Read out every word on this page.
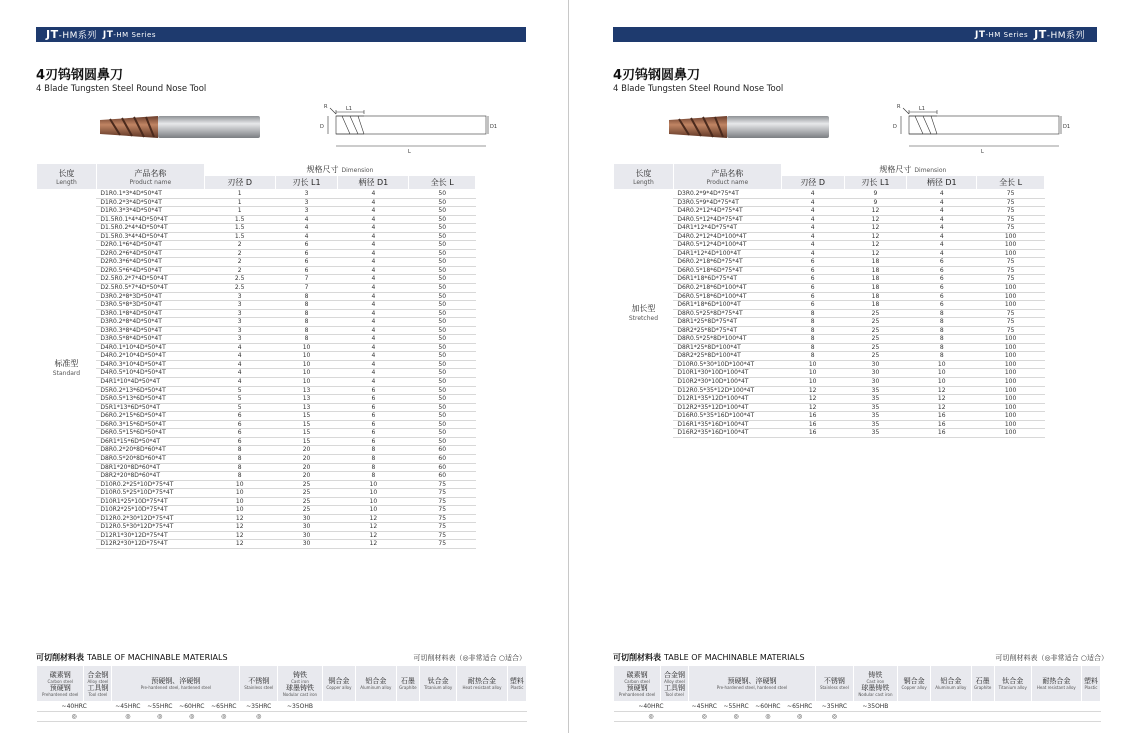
JT -HM系列 JT-HM Series
4刃钨钢圆鼻刀
4 Blade Tungsten Steel Round Nose Tool
R	L1
D	D1
L
长度
Length	产品名称
Product name	规格尺寸 Dimension				
		刃径 D	刃长 L1	柄径 D1	全长 L	
标准型
Standard	D1R0.1*3*4D*50*4T	1	3	4	50	
	D1R0.2*3*4D*50*4T	1	3	4	50	
	D1R0.3*3*4D*50*4T	1	3	4	50	
	D1.5R0.1*4*4D*50*4T	1.5	4	4	50	
	D1.5R0.2*4*4D*50*4T	1.5	4	4	50	
	D1.5R0.3*4*4D*50*4T	1.5	4	4	50	
	D2R0.1*6*4D*50*4T	2	6	4	50	
	D2R0.2*6*4D*50*4T	2	6	4	50	
	D2R0.3*6*4D*50*4T	2	6	4	50	
	D2R0.5*6*4D*50*4T	2	6	4	50	
	D2.5R0.2*7*4D*50*4T	2.5	7	4	50	
	D2.5R0.5*7*4D*50*4T	2.5	7	4	50	
	D3R0.2*8*3D*50*4T	3	8	4	50	
	D3R0.5*8*3D*50*4T	3	8	4	50	
	D3R0.1*8*4D*50*4T	3	8	4	50	
	D3R0.2*8*4D*50*4T	3	8	4	50	
	D3R0.3*8*4D*50*4T	3	8	4	50	
	D3R0.5*8*4D*50*4T	3	8	4	50	
	D4R0.1*10*4D*50*4T	4	10	4	50	
	D4R0.2*10*4D*50*4T	4	10	4	50	
	D4R0.3*10*4D*50*4T	4	10	4	50	
	D4R0.5*10*4D*50*4T	4	10	4	50	
	D4R1*10*4D*50*4T	4	10	4	50	
	D5R0.2*13*6D*50*4T	5	13	6	50	
	D5R0.5*13*6D*50*4T	5	13	6	50	
	D5R1*13*6D*50*4T	5	13	6	50	
	D6R0.2*15*6D*50*4T	6	15	6	50	
	D6R0.3*15*6D*50*4T	6	15	6	50	
	D6R0.5*15*6D*50*4T	6	15	6	50	
	D6R1*15*6D*50*4T	6	15	6	50	
	D8R0.2*20*8D*60*4T	8	20	8	60	
	D8R0.5*20*8D*60*4T	8	20	8	60	
	D8R1*20*8D*60*4T	8	20	8	60	
	D8R2*20*8D*60*4T	8	20	8	60	
	D10R0.2*25*10D*75*4T	10	25	10	75	
	D10R0.5*25*10D*75*4T	10	25	10	75	
	D10R1*25*10D*75*4T	10	25	10	75	
	D10R2*25*10D*75*4T	10	25	10	75	
	D12R0.2*30*12D*75*4T	12	30	12	75	
	D12R0.5*30*12D*75*4T	12	30	12	75	
	D12R1*30*12D*75*4T	12	30	12	75	
	D12R2*30*12D*75*4T	12	30	12	75	
可切削材料表 TABLE OF MACHINABLE MATERIALS	可切削材料表（◎非常适合 ○适合）
碳素钢
Carbon steel
预硬钢
Prehardened steel	合金钢
Alloy steel
工具钢
Tool steel	预硬钢、淬硬钢
Pre-hardened steel, hardened steel				不锈钢
Stainless steel	铸铁
Cast iron
球墨铸铁
Nodular cast iron	铜合金
Copper alloy	铝合金
Aluminum alloy	石墨
Graphite	钛合金
Titanium alloy	耐热合金
Heat resistant alloy	塑料
Plastic

~40HRC		~45HRC	~55HRC	~60HRC	~65HRC	~35HRC	~35OHB						
◎		◎	◎	◎	◎	◎							
JT-HM Series JT -HM系列
4刃钨钢圆鼻刀
4 Blade Tungsten Steel Round Nose Tool
R	L1
D	D1
L
长度
Length	产品名称
Product name	规格尺寸 Dimension			
		刃径 D	刃长 L1	柄径 D1	全长 L
加长型
Stretched	D3R0.2*9*4D*75*4T	4	9	4	75
	D3R0.5*9*4D*75*4T	4	9	4	75
	D4R0.2*12*4D*75*4T	4	12	4	75
	D4R0.5*12*4D*75*4T	4	12	4	75
	D4R1*12*4D*75*4T	4	12	4	75
	D4R0.2*12*4D*100*4T	4	12	4	100
	D4R0.5*12*4D*100*4T	4	12	4	100
	D4R1*12*4D*100*4T	4	12	4	100
	D6R0.2*18*6D*75*4T	6	18	6	75
	D6R0.5*18*6D*75*4T	6	18	6	75
	D6R1*18*6D*75*4T	6	18	6	75
	D6R0.2*18*6D*100*4T	6	18	6	100
	D6R0.5*18*6D*100*4T	6	18	6	100
	D6R1*18*6D*100*4T	6	18	6	100
	D8R0.5*25*8D*75*4T	8	25	8	75
	D8R1*25*8D*75*4T	8	25	8	75
	D8R2*25*8D*75*4T	8	25	8	75
	D8R0.5*25*8D*100*4T	8	25	8	100
	D8R1*25*8D*100*4T	8	25	8	100
	D8R2*25*8D*100*4T	8	25	8	100
	D10R0.5*30*10D*100*4T	10	30	10	100
	D10R1*30*10D*100*4T	10	30	10	100
	D10R2*30*10D*100*4T	10	30	10	100
	D12R0.5*35*12D*100*4T	12	35	12	100
	D12R1*35*12D*100*4T	12	35	12	100
	D12R2*35*12D*100*4T	12	35	12	100
	D16R0.5*35*16D*100*4T	16	35	16	100
	D16R1*35*16D*100*4T	16	35	16	100
	D16R2*35*16D*100*4T	16	35	16	100
可切削材料表 TABLE OF MACHINABLE MATERIALS	可切削材料表（◎非常适合 ○适合）
碳素钢
Carbon steel
预硬钢
Prehardened steel	合金钢
Alloy steel
工具钢
Tool steel	预硬钢、淬硬钢
Pre-hardened steel, hardened steel				不锈钢
Stainless steel	铸铁
Cast iron
球墨铸铁
Nodular cast iron	铜合金
Copper alloy	铝合金
Aluminum alloy	石墨
Graphite	钛合金
Titanium alloy	耐热合金
Heat resistant alloy	塑料
Plastic

~40HRC		~45HRC	~55HRC	~60HRC	~65HRC	~35HRC	~35OHB						
◎		◎	◎	◎	◎	◎							
